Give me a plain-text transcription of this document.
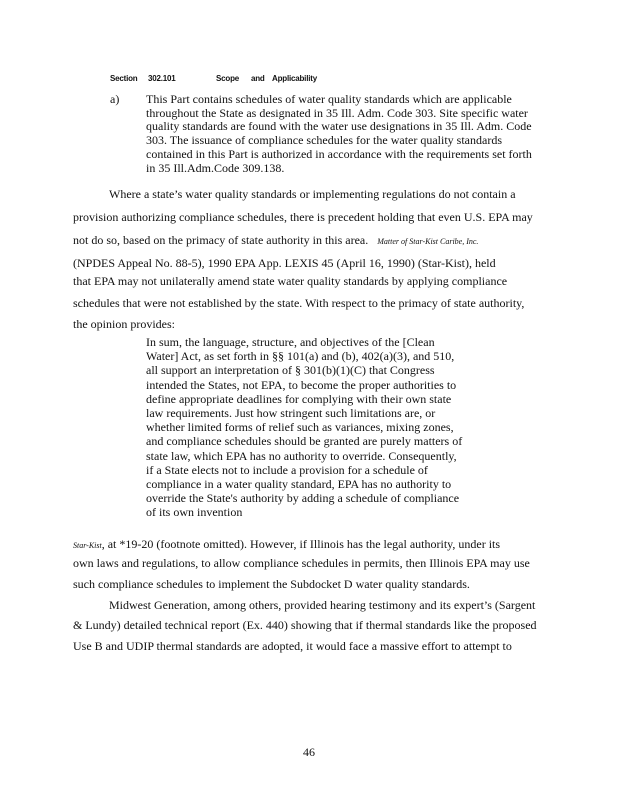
Section 302.101	Scope and Applicability
a) This Part contains schedules of water quality standards which are applicable
throughout the State as designated in 35 Ill. Adm. Code 303. Site specific water
quality standards are found with the water use designations in 35 Ill. Adm. Code
303. The issuance of compliance schedules for the water quality standards
contained in this Part is authorized in accordance with the requirements set forth
in 35 Ill.Adm.Code 309.138.
Where a state’s water quality standards or implementing regulations do not contain a
provision authorizing compliance schedules, there is precedent holding that even U.S. EPA may
not do so, based on the primacy of state authority in this area. Matter of Star-Kist Caribe, Inc.
(NPDES Appeal No. 88-5), 1990 EPA App. LEXIS 45 (April 16, 1990) (Star-Kist), held
that EPA may not unilaterally amend state water quality standards by applying compliance
schedules that were not established by the state. With respect to the primacy of state authority,
the opinion provides:
In sum, the language, structure, and objectives of the [Clean
Water] Act, as set forth in §§ 101(a) and (b), 402(a)(3), and 510,
all support an interpretation of § 301(b)(1)(C) that Congress
intended the States, not EPA, to become the proper authorities to
define appropriate deadlines for complying with their own state
law requirements. Just how stringent such limitations are, or
whether limited forms of relief such as variances, mixing zones,
and compliance schedules should be granted are purely matters of
state law, which EPA has no authority to override. Consequently,
if a State elects not to include a provision for a schedule of
compliance in a water quality standard, EPA has no authority to
override the State's authority by adding a schedule of compliance
of its own invention
Star-Kist, at *19-20 (footnote omitted). However, if Illinois has the legal authority, under its
own laws and regulations, to allow compliance schedules in permits, then Illinois EPA may use
such compliance schedules to implement the Subdocket D water quality standards.
Midwest Generation, among others, provided hearing testimony and its expert’s (Sargent
& Lundy) detailed technical report (Ex. 440) showing that if thermal standards like the proposed
Use B and UDIP thermal standards are adopted, it would face a massive effort to attempt to
46
